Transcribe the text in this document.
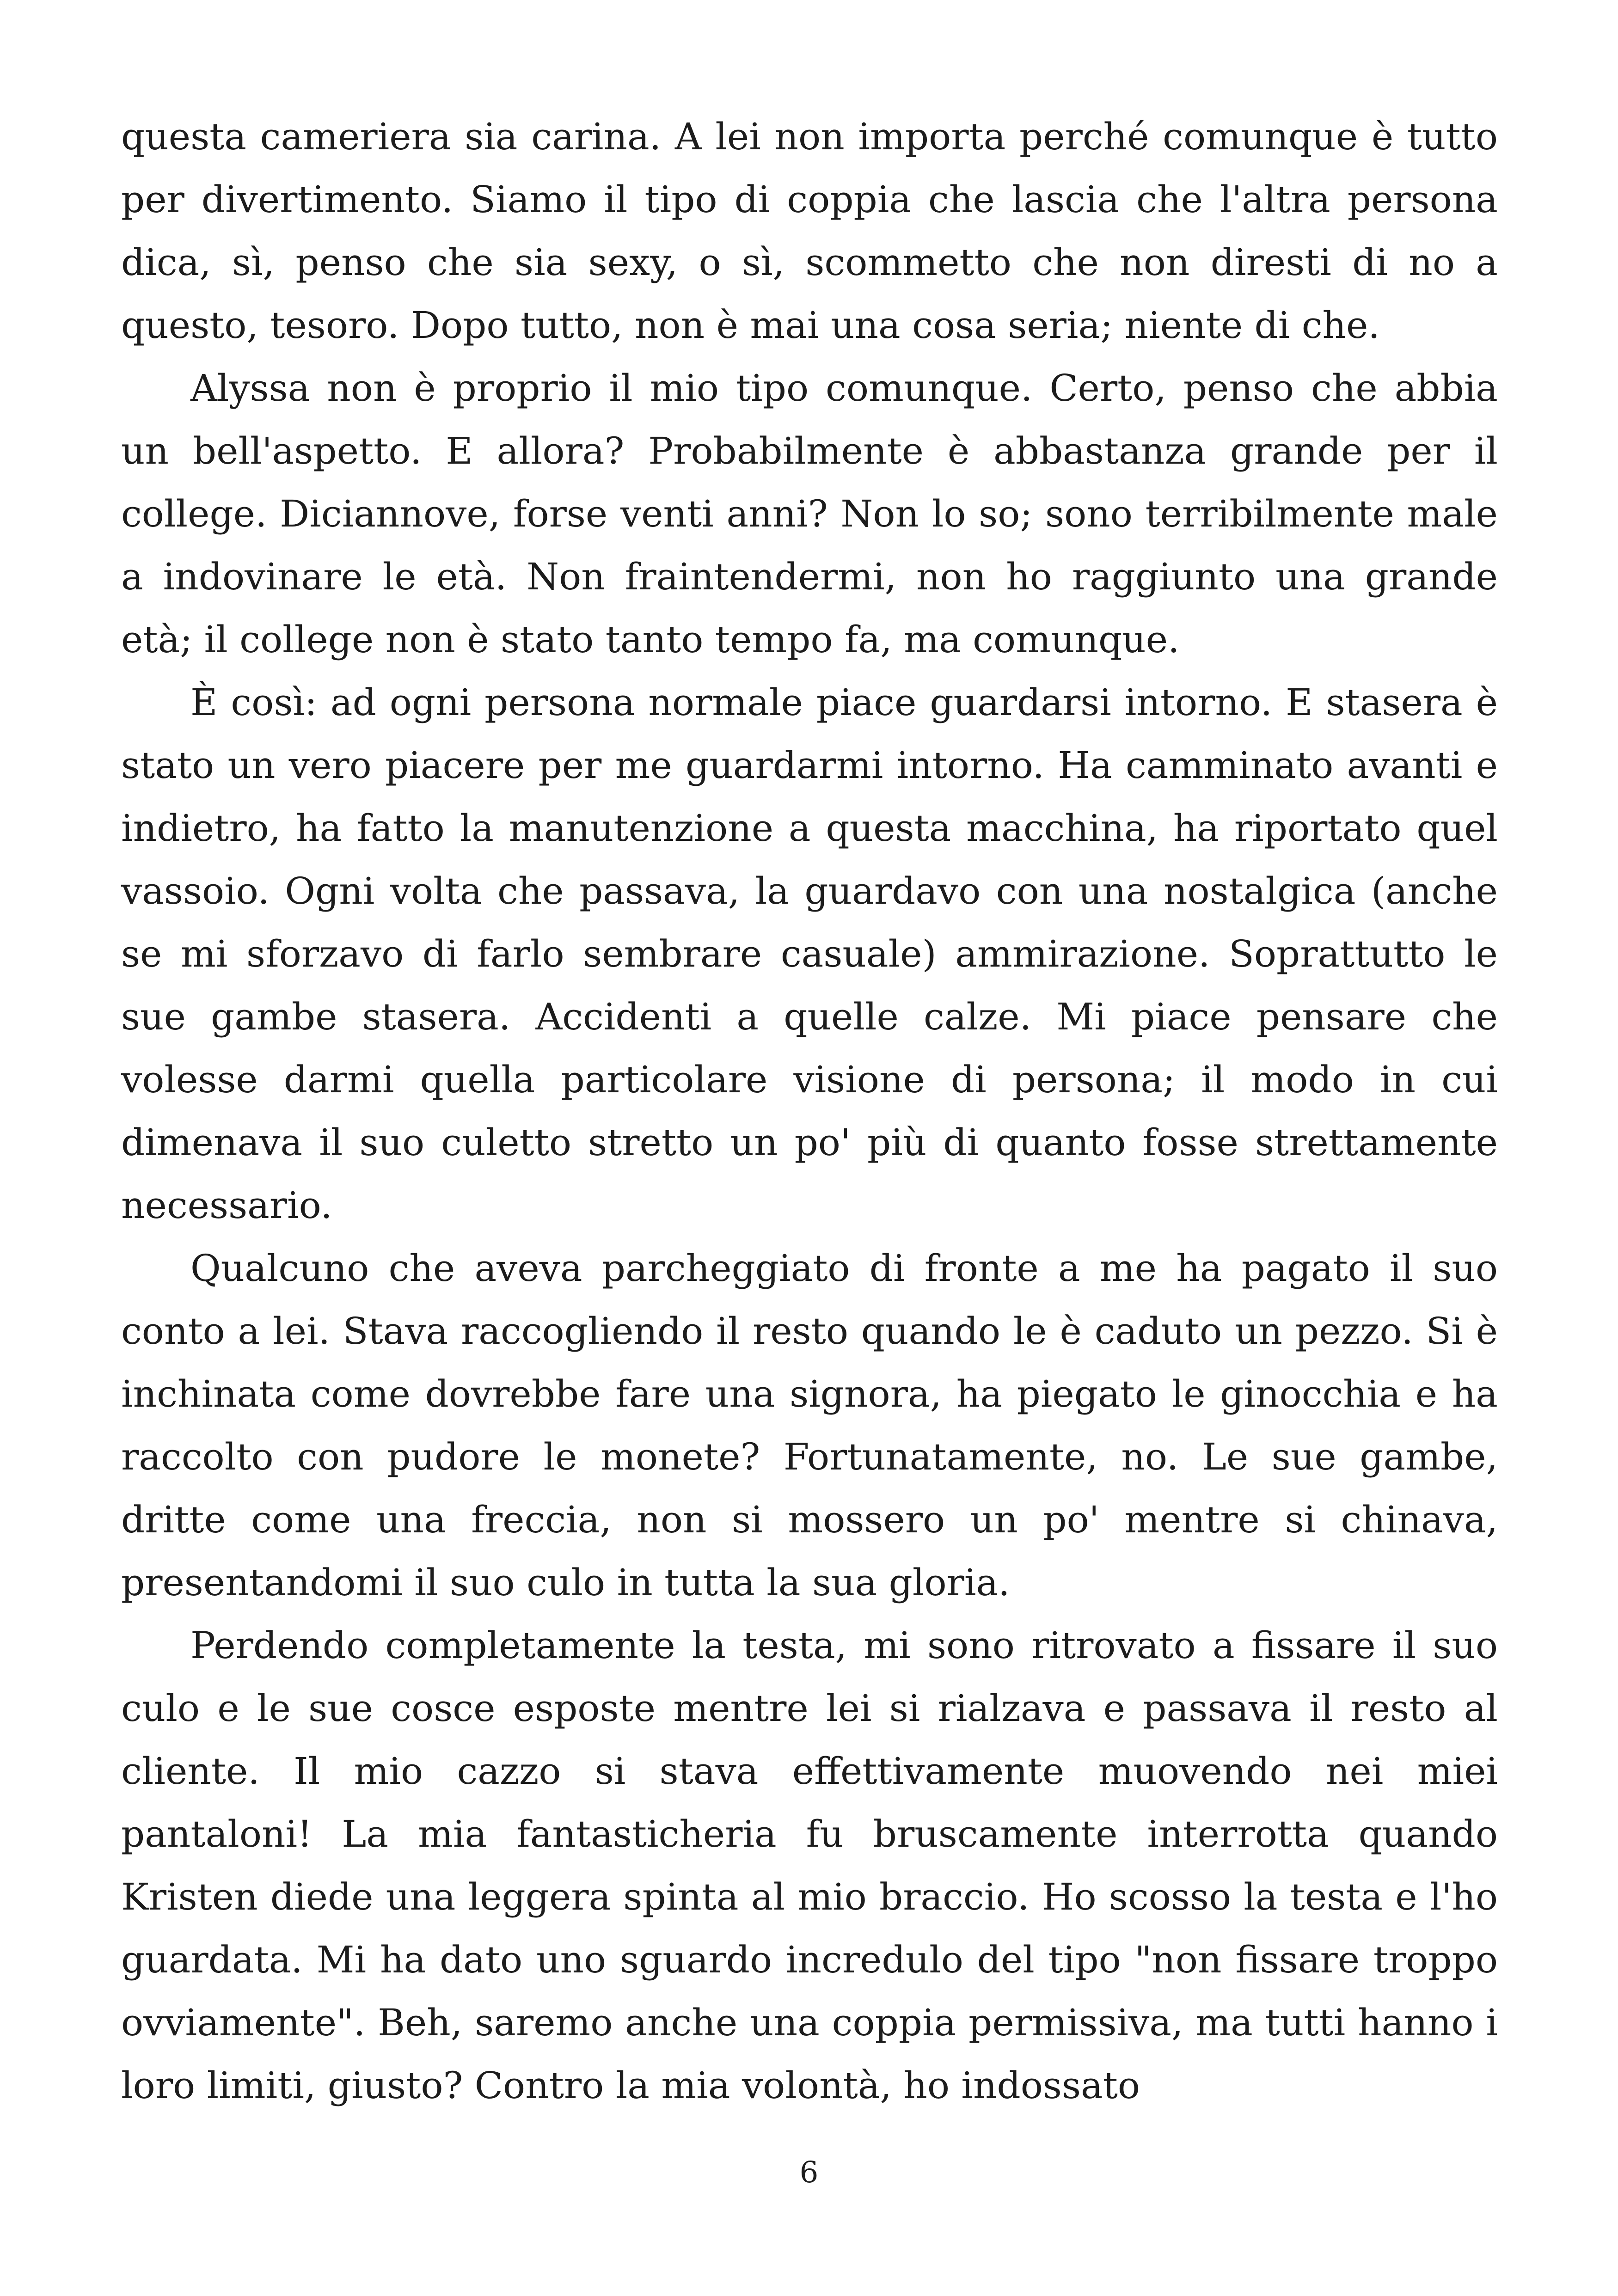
questa cameriera sia carina. A lei non importa perché comunque è tutto per divertimento. Siamo il tipo di coppia che lascia che l'altra persona dica, sì, penso che sia sexy, o sì, scommetto che non diresti di no a questo, tesoro. Dopo tutto, non è mai una cosa seria; niente di che.

Alyssa non è proprio il mio tipo comunque. Certo, penso che abbia un bell'aspetto. E allora? Probabilmente è abbastanza grande per il college. Diciannove, forse venti anni? Non lo so; sono terribilmente male a indovinare le età. Non fraintendermi, non ho raggiunto una grande età; il college non è stato tanto tempo fa, ma comunque.

È così: ad ogni persona normale piace guardarsi intorno. E stasera è stato un vero piacere per me guardarmi intorno. Ha camminato avanti e indietro, ha fatto la manutenzione a questa macchina, ha riportato quel vassoio. Ogni volta che passava, la guardavo con una nostalgica (anche se mi sforzavo di farlo sembrare casuale) ammirazione. Soprattutto le sue gambe stasera. Accidenti a quelle calze. Mi piace pensare che volesse darmi quella particolare visione di persona; il modo in cui dimenava il suo culetto stretto un po' più di quanto fosse strettamente necessario.

Qualcuno che aveva parcheggiato di fronte a me ha pagato il suo conto a lei. Stava raccogliendo il resto quando le è caduto un pezzo. Si è inchinata come dovrebbe fare una signora, ha piegato le ginocchia e ha raccolto con pudore le monete? Fortunatamente, no. Le sue gambe, dritte come una freccia, non si mossero un po' mentre si chinava, presentandomi il suo culo in tutta la sua gloria.

Perdendo completamente la testa, mi sono ritrovato a fissare il suo culo e le sue cosce esposte mentre lei si rialzava e passava il resto al cliente. Il mio cazzo si stava effettivamente muovendo nei miei pantaloni! La mia fantasticheria fu bruscamente interrotta quando Kristen diede una leggera spinta al mio braccio. Ho scosso la testa e l'ho guardata. Mi ha dato uno sguardo incredulo del tipo "non fissare troppo ovviamente". Beh, saremo anche una coppia permissiva, ma tutti hanno i loro limiti, giusto? Contro la mia volontà, ho indossato

6
